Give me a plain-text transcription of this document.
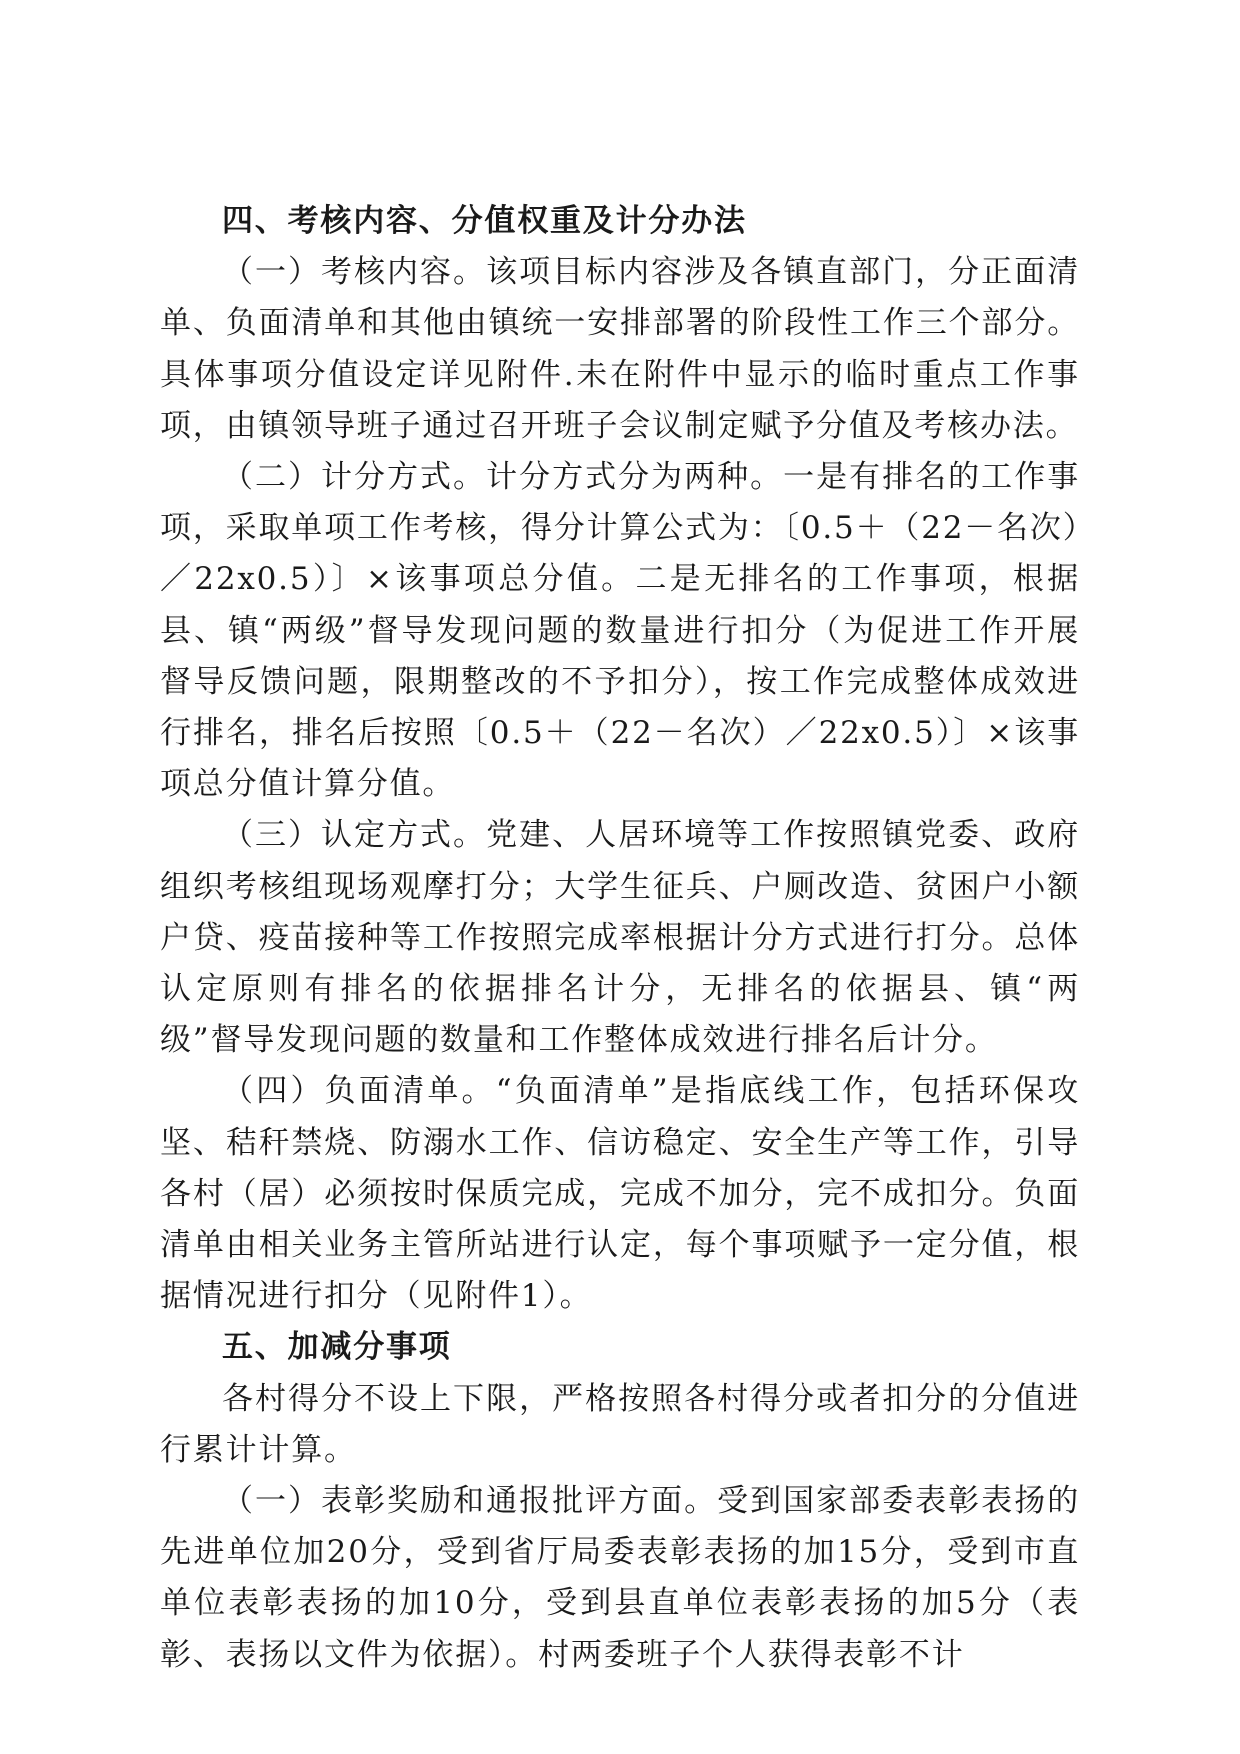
四、考核内容、分值权重及计分办法

（一）考核内容。该项目标内容涉及各镇直部门，分正面清单、负面清单和其他由镇统一安排部署的阶段性工作三个部分。具体事项分值设定详见附件.未在附件中显示的临时重点工作事项，由镇领导班子通过召开班子会议制定赋予分值及考核办法。

（二）计分方式。计分方式分为两种。一是有排名的工作事项，采取单项工作考核，得分计算公式为：〔0.5＋（22－名次）／22x0.5）〕×该事项总分值。二是无排名的工作事项，根据县、镇“两级”督导发现问题的数量进行扣分（为促进工作开展督导反馈问题，限期整改的不予扣分），按工作完成整体成效进行排名，排名后按照〔0.5＋（22－名次）／22x0.5）〕×该事项总分值计算分值。

（三）认定方式。党建、人居环境等工作按照镇党委、政府组织考核组现场观摩打分；大学生征兵、户厕改造、贫困户小额户贷、疫苗接种等工作按照完成率根据计分方式进行打分。总体认定原则有排名的依据排名计分，无排名的依据县、镇“两级”督导发现问题的数量和工作整体成效进行排名后计分。

（四）负面清单。“负面清单”是指底线工作，包括环保攻坚、秸秆禁烧、防溺水工作、信访稳定、安全生产等工作，引导各村（居）必须按时保质完成，完成不加分，完不成扣分。负面清单由相关业务主管所站进行认定，每个事项赋予一定分值，根据情况进行扣分（见附件1）。

五、加减分事项

各村得分不设上下限，严格按照各村得分或者扣分的分值进行累计计算。

（一）表彰奖励和通报批评方面。受到国家部委表彰表扬的先进单位加20分，受到省厅局委表彰表扬的加15分，受到市直单位表彰表扬的加10分，受到县直单位表彰表扬的加5分（表彰、表扬以文件为依据）。村两委班子个人获得表彰不计
